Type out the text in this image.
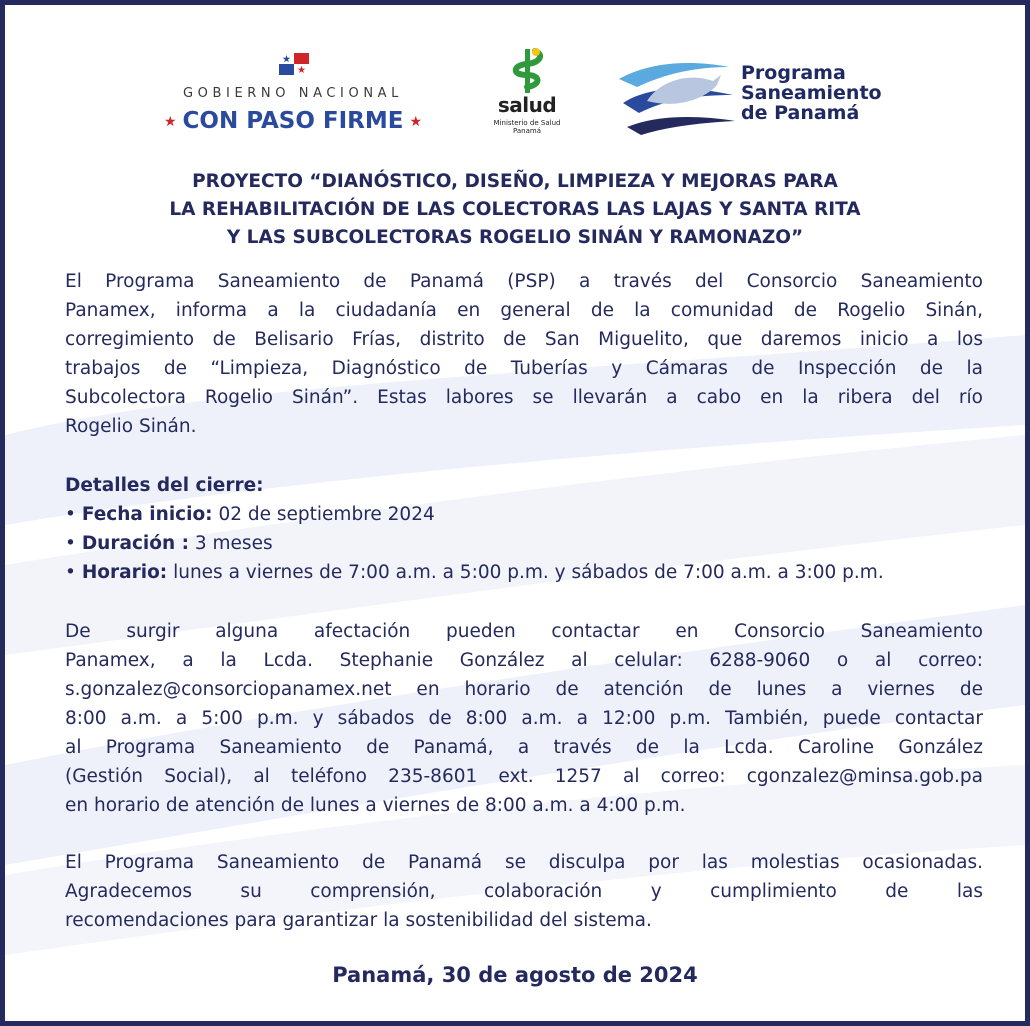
GOBIERNO NACIONAL
★ CON PASO FIRME ★
salud
Ministerio de Salud
Panamá
Programa
Saneamiento
de Panamá
PROYECTO “DIANÓSTICO, DISEÑO, LIMPIEZA Y MEJORAS PARA
LA REHABILITACIÓN DE LAS COLECTORAS LAS LAJAS Y SANTA RITA
Y LAS SUBCOLECTORAS ROGELIO SINÁN Y RAMONAZO”
El Programa Saneamiento de Panamá (PSP) a través del Consorcio Saneamiento
Panamex, informa a la ciudadanía en general de la comunidad de Rogelio Sinán,
corregimiento de Belisario Frías, distrito de San Miguelito, que daremos inicio a los
trabajos de “Limpieza, Diagnóstico de Tuberías y Cámaras de Inspección de la
Subcolectora Rogelio Sinán”. Estas labores se llevarán a cabo en la ribera del río
Rogelio Sinán.
Detalles del cierre:
• Fecha inicio: 02 de septiembre 2024
• Duración : 3 meses
• Horario: lunes a viernes de 7:00 a.m. a 5:00 p.m. y sábados de 7:00 a.m. a 3:00 p.m.
De surgir alguna afectación pueden contactar en Consorcio Saneamiento
Panamex, a la Lcda. Stephanie González al celular: 6288-9060 o al correo:
s.gonzalez@consorciopanamex.net en horario de atención de lunes a viernes de
8:00 a.m. a 5:00 p.m. y sábados de 8:00 a.m. a 12:00 p.m. También, puede contactar
al Programa Saneamiento de Panamá, a través de la Lcda. Caroline González
(Gestión Social), al teléfono 235-8601 ext. 1257 al correo: cgonzalez@minsa.gob.pa
en horario de atención de lunes a viernes de 8:00 a.m. a 4:00 p.m.
El Programa Saneamiento de Panamá se disculpa por las molestias ocasionadas.
Agradecemos su comprensión, colaboración y cumplimiento de las
recomendaciones para garantizar la sostenibilidad del sistema.
Panamá, 30 de agosto de 2024
